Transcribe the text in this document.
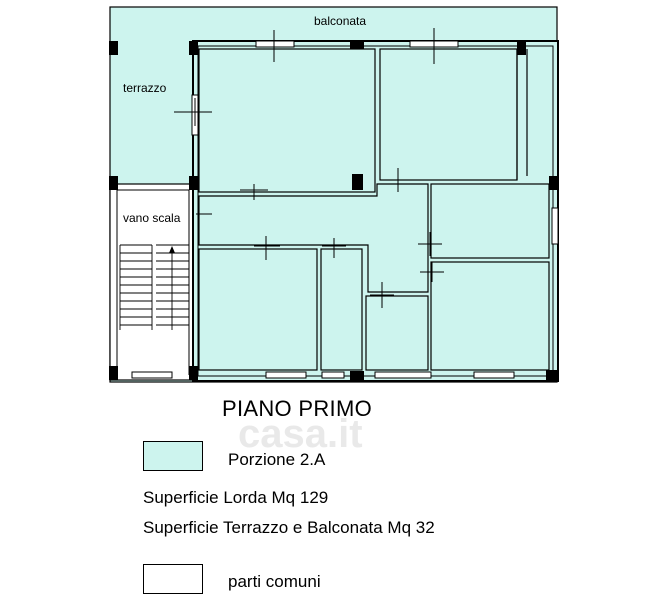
balconata
terrazzo
vano scala
casa.it
PIANO PRIMO
Porzione 2.A
Superficie Lorda Mq 129
Superficie Terrazzo e Balconata Mq 32
parti comuni
